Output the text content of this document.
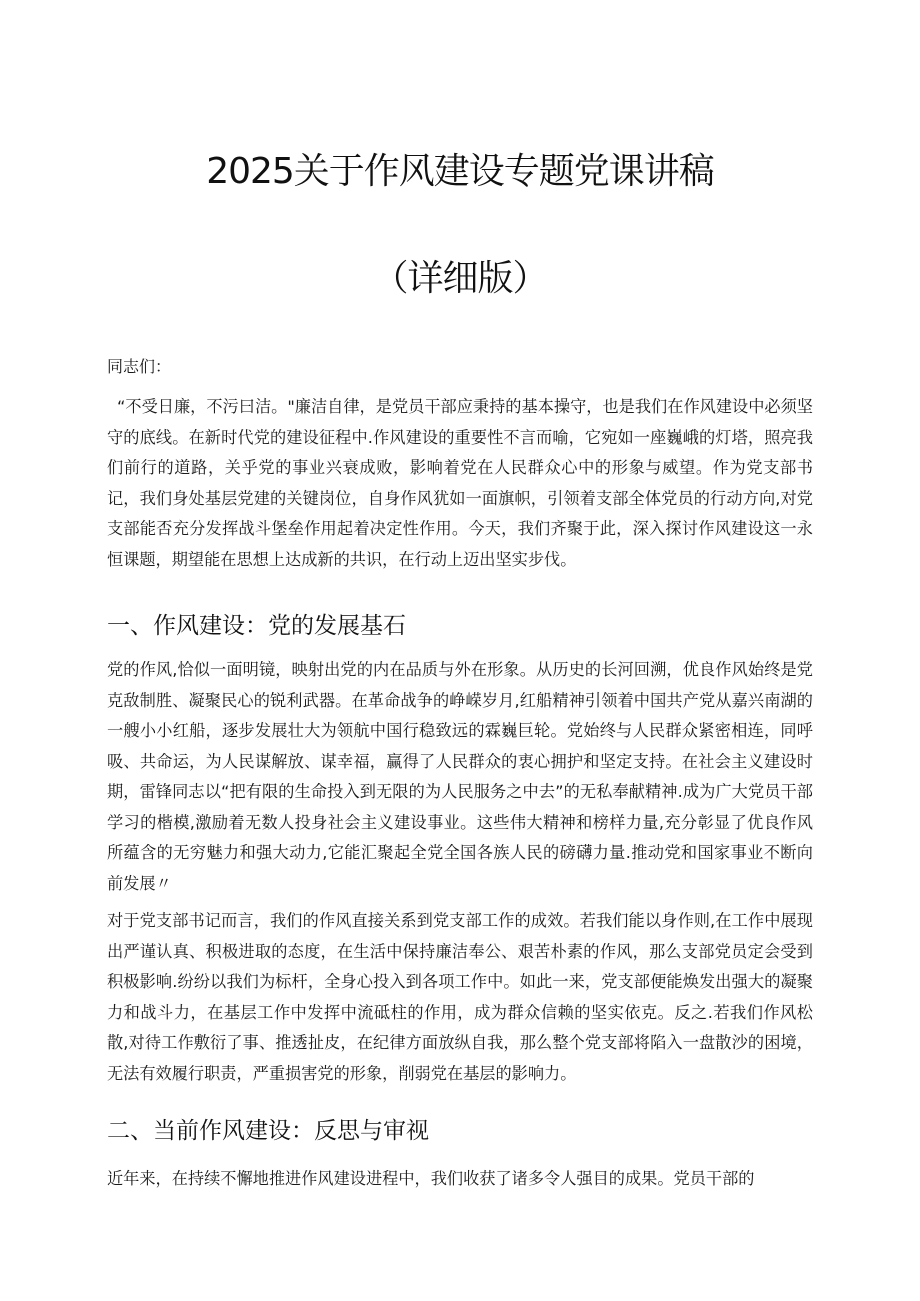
2025关于作风建设专题党课讲稿
（详细版）

同志们：

“不受日廉，不污曰洁。"廉洁自律，是党员干部应秉持的基本操守，也是我们在作风建设中必须坚守的底线。在新时代党的建设征程中.作风建设的重要性不言而喻，它宛如一座巍峨的灯塔，照亮我们前行的道路，关乎党的事业兴衰成败，影响着党在人民群众心中的形象与威望。作为党支部书记，我们身处基层党建的关键岗位，自身作风犹如一面旗帜，引领着支部全体党员的行动方向,对党支部能否充分发挥战斗堡垒作用起着决定性作用。今天，我们齐聚于此，深入探讨作风建设这一永恒课题，期望能在思想上达成新的共识，在行动上迈出坚实步伐。

一、作风建设：党的发展基石

党的作风,恰似一面明镜，映射出党的内在品质与外在形象。从历史的长河回溯，优良作风始终是党克敌制胜、凝聚民心的锐利武器。在革命战争的峥嵘岁月,红船精神引领着中国共产党从嘉兴南湖的一艘小小红船，逐步发展壮大为领航中国行稳致远的霖巍巨轮。党始终与人民群众紧密相连，同呼吸、共命运，为人民谋解放、谋幸福，赢得了人民群众的衷心拥护和坚定支持。在社会主义建设时期，雷锋同志以“把有限的生命投入到无限的为人民服务之中去”的无私奉献精神.成为广大党员干部学习的楷模,激励着无数人投身社会主义建设事业。这些伟大精神和榜样力量,充分彰显了优良作风所蕴含的无穷魅力和强大动力,它能汇聚起全党全国各族人民的磅礴力量.推动党和国家事业不断向前发展〃

对于党支部书记而言，我们的作风直接关系到党支部工作的成效。若我们能以身作则,在工作中展现出严谨认真、积极进取的态度，在生活中保持廉洁奉公、艰苦朴素的作风，那么支部党员定会受到积极影响.纷纷以我们为标杆，全身心投入到各项工作中。如此一来，党支部便能焕发出强大的凝聚力和战斗力，在基层工作中发挥中流砥柱的作用，成为群众信赖的坚实依克。反之.若我们作风松散,对待工作敷衍了事、推透扯皮，在纪律方面放纵自我，那么整个党支部将陷入一盘散沙的困境，无法有效履行职责，严重损害党的形象，削弱党在基层的影响力。

二、当前作风建设：反思与审视

近年来，在持续不懈地推进作风建设进程中，我们收获了诸多令人强目的成果。党员干部的
